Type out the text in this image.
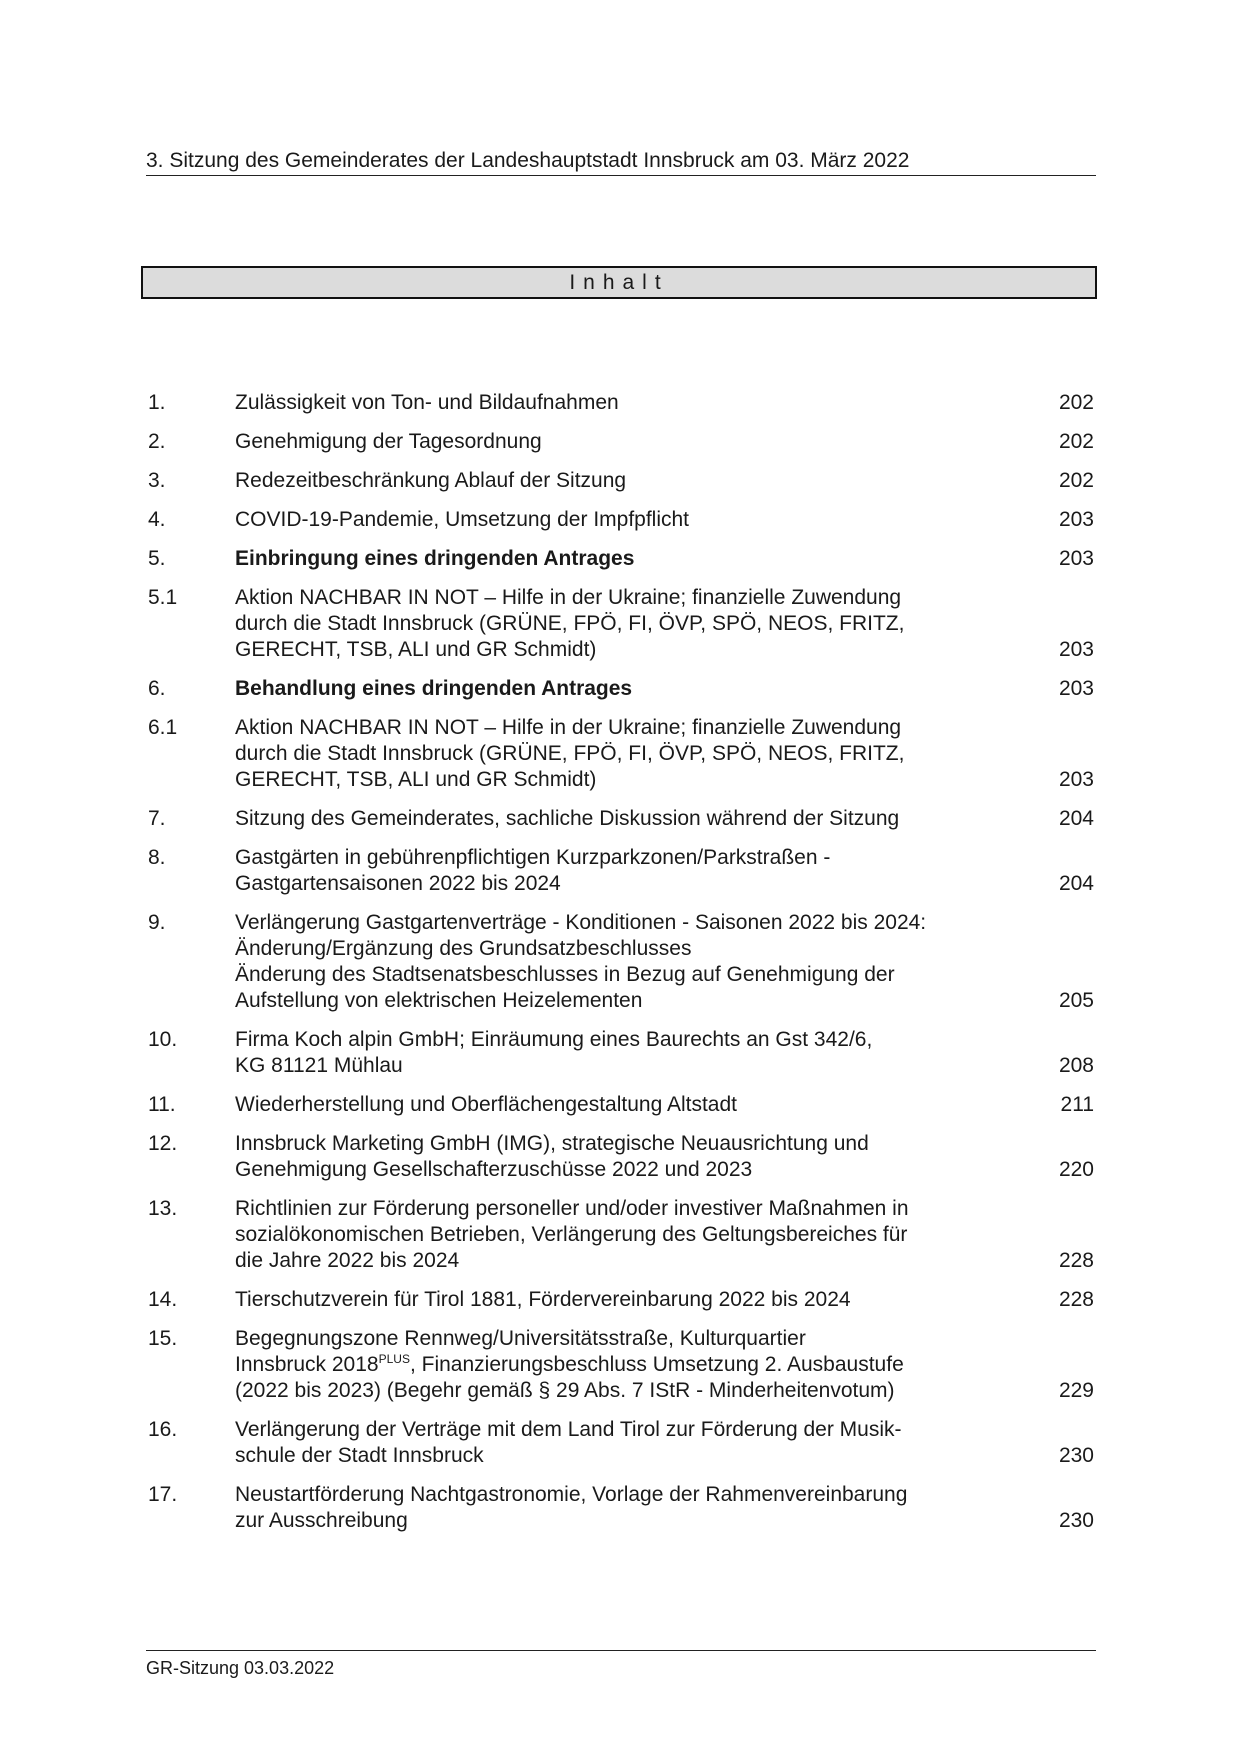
3. Sitzung des Gemeinderates der Landeshauptstadt Innsbruck am 03. März 2022
Inhalt
1.	Zulässigkeit von Ton- und Bildaufnahmen	202
2.	Genehmigung der Tagesordnung	202
3.	Redezeitbeschränkung Ablauf der Sitzung	202
4.	COVID-19-Pandemie, Umsetzung der Impfpflicht	203
5.	Einbringung eines dringenden Antrages	203
5.1	Aktion NACHBAR IN NOT – Hilfe in der Ukraine; finanzielle Zuwendung
durch die Stadt Innsbruck (GRÜNE, FPÖ, FI, ÖVP, SPÖ, NEOS, FRITZ,
GERECHT, TSB, ALI und GR Schmidt)	203
6.	Behandlung eines dringenden Antrages	203
6.1	Aktion NACHBAR IN NOT – Hilfe in der Ukraine; finanzielle Zuwendung
durch die Stadt Innsbruck (GRÜNE, FPÖ, FI, ÖVP, SPÖ, NEOS, FRITZ,
GERECHT, TSB, ALI und GR Schmidt)	203
7.	Sitzung des Gemeinderates, sachliche Diskussion während der Sitzung	204
8.	Gastgärten in gebührenpflichtigen Kurzparkzonen/Parkstraßen -
Gastgartensaisonen 2022 bis 2024	204
9.	Verlängerung Gastgartenverträge - Konditionen - Saisonen 2022 bis 2024:
Änderung/Ergänzung des Grundsatzbeschlusses
Änderung des Stadtsenatsbeschlusses in Bezug auf Genehmigung der
Aufstellung von elektrischen Heizelementen	205
10.	Firma Koch alpin GmbH; Einräumung eines Baurechts an Gst 342/6,
KG 81121 Mühlau	208
11.	Wiederherstellung und Oberflächengestaltung Altstadt	211
12.	Innsbruck Marketing GmbH (IMG), strategische Neuausrichtung und
Genehmigung Gesellschafterzuschüsse 2022 und 2023	220
13.	Richtlinien zur Förderung personeller und/oder investiver Maßnahmen in
sozialökonomischen Betrieben, Verlängerung des Geltungsbereiches für
die Jahre 2022 bis 2024	228
14.	Tierschutzverein für Tirol 1881, Fördervereinbarung 2022 bis 2024	228
15.	Begegnungszone Rennweg/Universitätsstraße, Kulturquartier
Innsbruck $2018^{PLUS}$, Finanzierungsbeschluss Umsetzung 2. Ausbaustufe
(2022 bis 2023) (Begehr gemäß § 29 Abs. 7 IStR - Minderheitenvotum)	229
16.	Verlängerung der Verträge mit dem Land Tirol zur Förderung der Musik-
schule der Stadt Innsbruck	230
17.	Neustartförderung Nachtgastronomie, Vorlage der Rahmenvereinbarung
zur Ausschreibung	230
GR-Sitzung 03.03.2022
